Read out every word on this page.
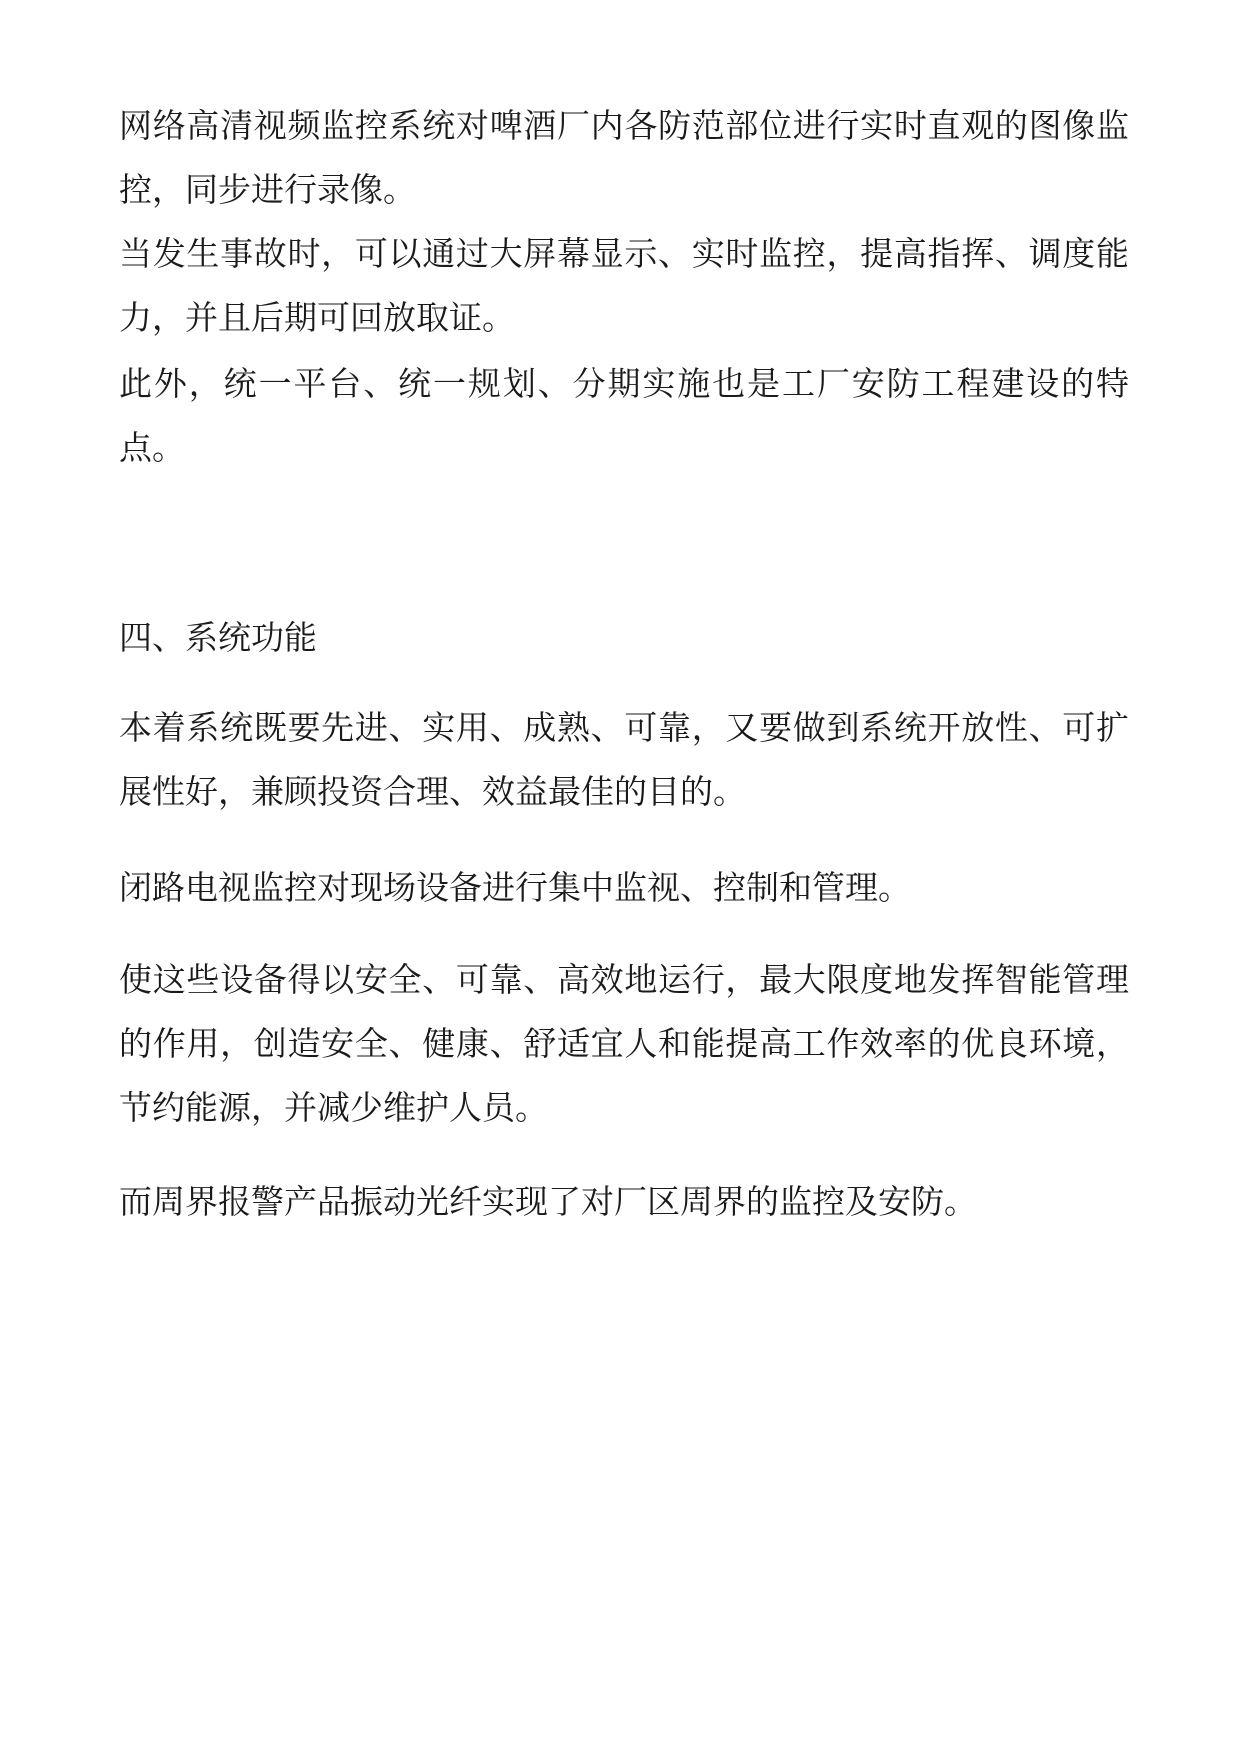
网络高清视频监控系统对啤酒厂内各防范部位进行实时直观的图像监控，同步进行录像。

当发生事故时，可以通过大屏幕显示、实时监控，提高指挥、调度能力，并且后期可回放取证。

此外，统一平台、统一规划、分期实施也是工厂安防工程建设的特点。

四、系统功能

本着系统既要先进、实用、成熟、可靠，又要做到系统开放性、可扩展性好，兼顾投资合理、效益最佳的目的。

闭路电视监控对现场设备进行集中监视、控制和管理。

使这些设备得以安全、可靠、高效地运行，最大限度地发挥智能管理的作用，创造安全、健康、舒适宜人和能提高工作效率的优良环境，节约能源，并减少维护人员。

而周界报警产品振动光纤实现了对厂区周界的监控及安防。
